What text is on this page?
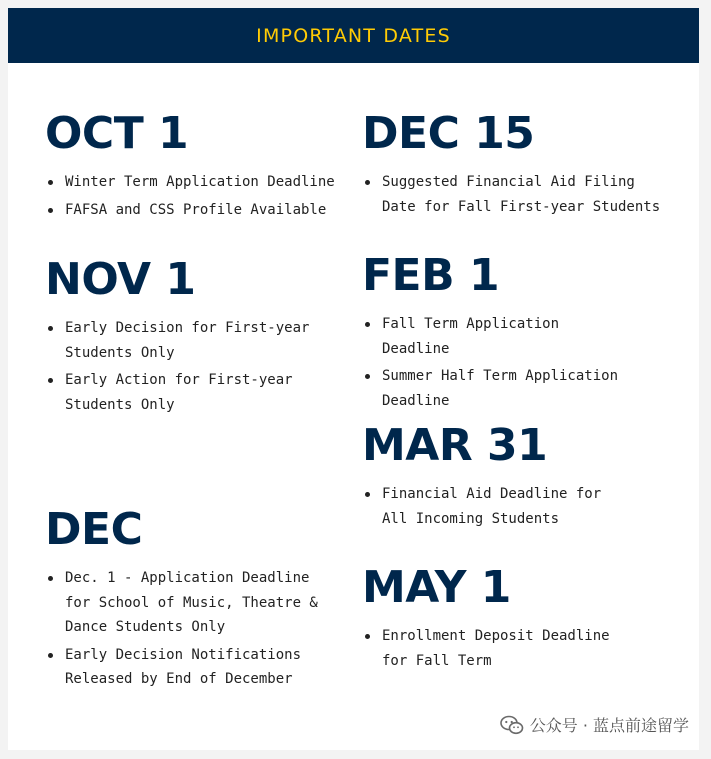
IMPORTANT DATES
OCT 1
Winter Term Application Deadline
FAFSA and CSS Profile Available
NOV 1
Early Decision for First-year Students Only
Early Action for First-year Students Only
DEC
Dec. 1 - Application Deadline for School of Music, Theatre & Dance Students Only
Early Decision Notifications Released by End of December
DEC 15
Suggested Financial Aid Filing Date for Fall First-year Students
FEB 1
Fall Term Application Deadline
Summer Half Term Application Deadline
MAR 31
Financial Aid Deadline for All Incoming Students
MAY 1
Enrollment Deposit Deadline for Fall Term
公众号 · 蓝点前途留学
